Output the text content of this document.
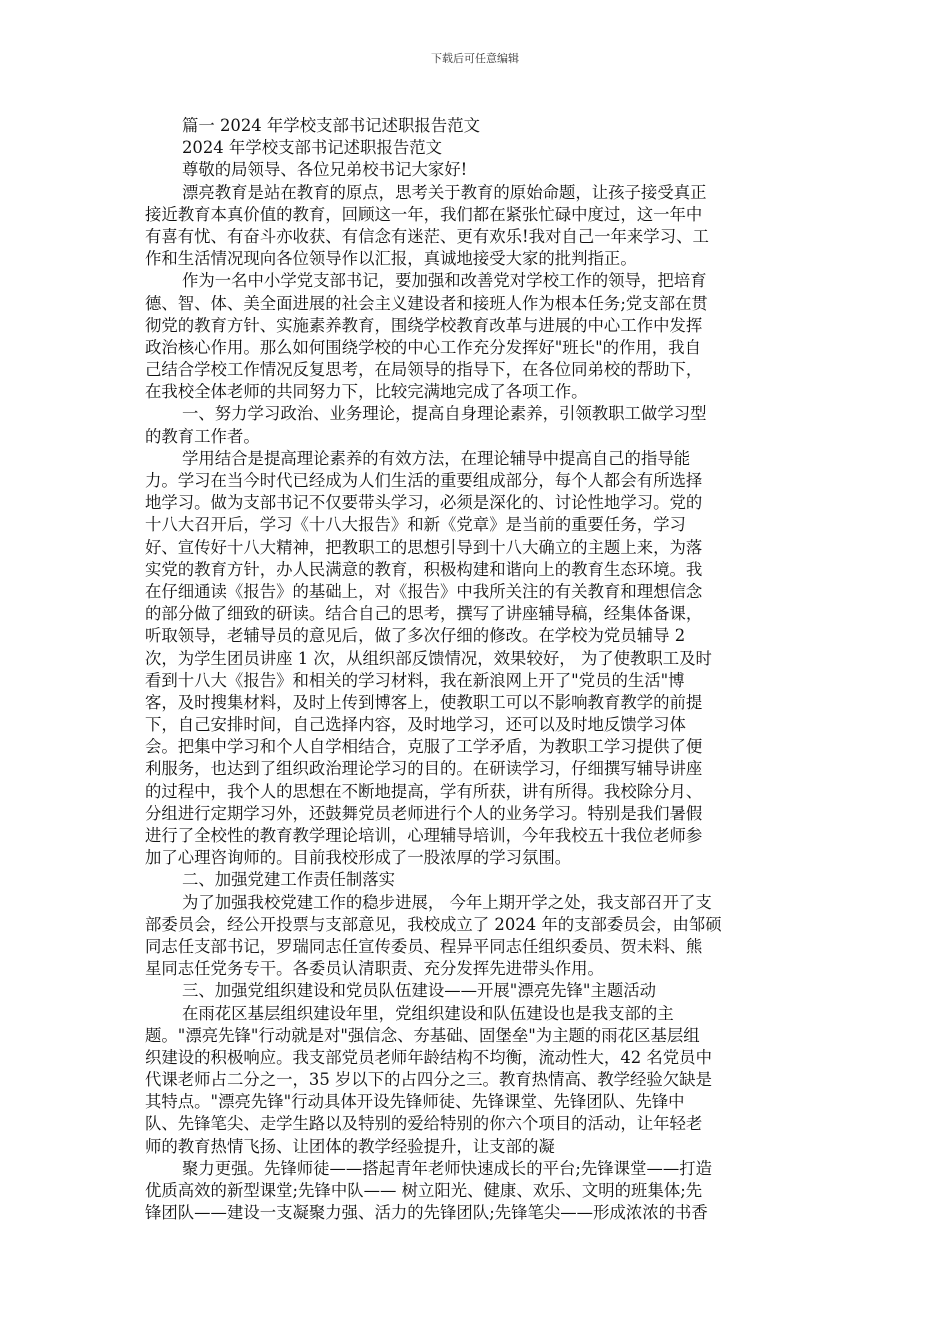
下载后可任意编辑
篇一 2024 年学校支部书记述职报告范文
2024 年学校支部书记述职报告范文
尊敬的局领导、各位兄弟校书记大家好!
漂亮教育是站在教育的原点，思考关于教育的原始命题，让孩子接受真正
接近教育本真价值的教育，回顾这一年，我们都在紧张忙碌中度过，这一年中
有喜有忧、有奋斗亦收获、有信念有迷茫、更有欢乐!我对自己一年来学习、工
作和生活情况现向各位领导作以汇报，真诚地接受大家的批判指正。
作为一名中小学党支部书记，要加强和改善党对学校工作的领导，把培育
德、智、体、美全面进展的社会主义建设者和接班人作为根本任务;党支部在贯
彻党的教育方针、实施素养教育，围绕学校教育改革与进展的中心工作中发挥
政治核心作用。那么如何围绕学校的中心工作充分发挥好"班长"的作用，我自
己结合学校工作情况反复思考，在局领导的指导下，在各位同弟校的帮助下，
在我校全体老师的共同努力下，比较完满地完成了各项工作。
一、努力学习政治、业务理论，提高自身理论素养，引领教职工做学习型
的教育工作者。
学用结合是提高理论素养的有效方法，在理论辅导中提高自己的指导能
力。学习在当今时代已经成为人们生活的重要组成部分，每个人都会有所选择
地学习。做为支部书记不仅要带头学习，必须是深化的、讨论性地学习。党的
十八大召开后，学习《十八大报告》和新《党章》是当前的重要任务，学习
好、宣传好十八大精神，把教职工的思想引导到十八大确立的主题上来，为落
实党的教育方针，办人民满意的教育，积极构建和谐向上的教育生态环境。我
在仔细通读《报告》的基础上，对《报告》中我所关注的有关教育和理想信念
的部分做了细致的研读。结合自己的思考，撰写了讲座辅导稿，经集体备课，
听取领导，老辅导员的意见后，做了多次仔细的修改。在学校为党员辅导 2
次，为学生团员讲座 1 次，从组织部反馈情况，效果较好， 为了使教职工及时
看到十八大《报告》和相关的学习材料，我在新浪网上开了"党员的生活"博
客，及时搜集材料，及时上传到博客上，使教职工可以不影响教育教学的前提
下，自己安排时间，自己选择内容，及时地学习，还可以及时地反馈学习体
会。把集中学习和个人自学相结合，克服了工学矛盾，为教职工学习提供了便
利服务，也达到了组织政治理论学习的目的。在研读学习，仔细撰写辅导讲座
的过程中，我个人的思想在不断地提高，学有所获，讲有所得。我校除分月、
分组进行定期学习外，还鼓舞党员老师进行个人的业务学习。特别是我们暑假
进行了全校性的教育教学理论培训，心理辅导培训，今年我校五十我位老师参
加了心理咨询师的。目前我校形成了一股浓厚的学习氛围。
二、加强党建工作责任制落实
为了加强我校党建工作的稳步进展， 今年上期开学之处，我支部召开了支
部委员会，经公开投票与支部意见，我校成立了 2024 年的支部委员会，由邹硕
同志任支部书记，罗瑞同志任宣传委员、程异平同志任组织委员、贺未料、熊
星同志任党务专干。各委员认清职责、充分发挥先进带头作用。
三、加强党组织建设和党员队伍建设——开展"漂亮先锋"主题活动
在雨花区基层组织建设年里，党组织建设和队伍建设也是我支部的主
题。"漂亮先锋"行动就是对"强信念、夯基础、固堡垒"为主题的雨花区基层组
织建设的积极响应。我支部党员老师年龄结构不均衡，流动性大，42 名党员中
代课老师占二分之一，35 岁以下的占四分之三。教育热情高、教学经验欠缺是
其特点。"漂亮先锋"行动具体开设先锋师徒、先锋课堂、先锋团队、先锋中
队、先锋笔尖、走学生路以及特别的爱给特别的你六个项目的活动，让年轻老
师的教育热情飞扬、让团体的教学经验提升，让支部的凝
聚力更强。先锋师徒——搭起青年老师快速成长的平台;先锋课堂——打造
优质高效的新型课堂;先锋中队—— 树立阳光、健康、欢乐、文明的班集体;先
锋团队——建设一支凝聚力强、活力的先锋团队;先锋笔尖——形成浓浓的书香
